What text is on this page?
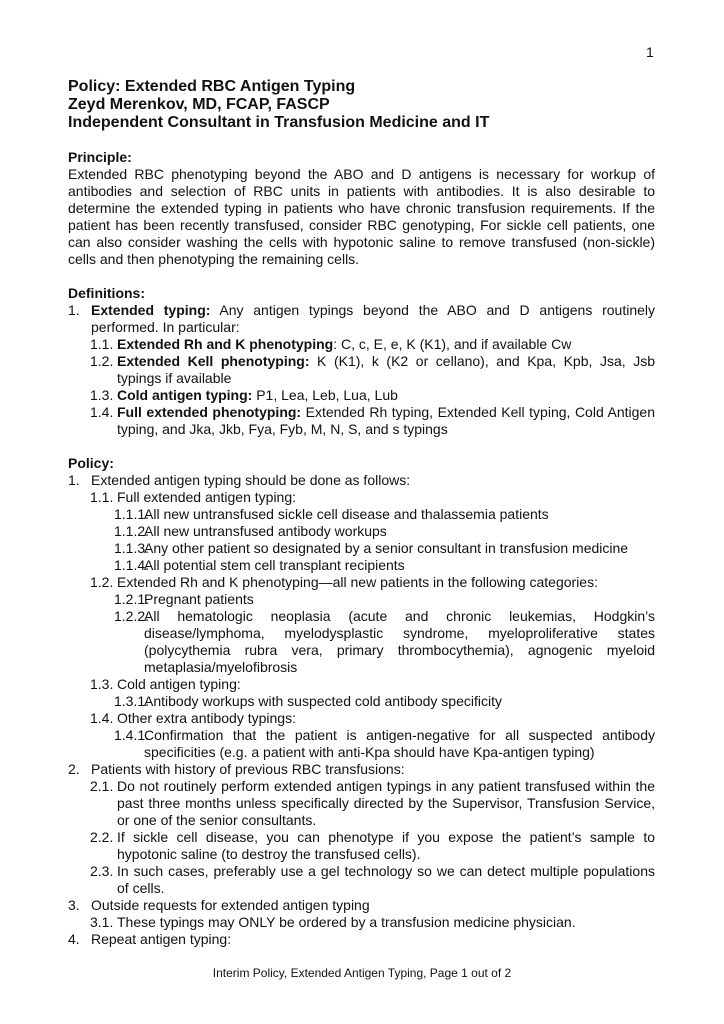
1
Policy: Extended RBC Antigen Typing
Zeyd Merenkov, MD, FCAP, FASCP
Independent Consultant in Transfusion Medicine and IT
Principle:
Extended RBC phenotyping beyond the ABO and D antigens is necessary for workup of antibodies and selection of RBC units in patients with antibodies. It is also desirable to determine the extended typing in patients who have chronic transfusion requirements. If the patient has been recently transfused, consider RBC genotyping, For sickle cell patients, one can also consider washing the cells with hypotonic saline to remove transfused (non-sickle) cells and then phenotyping the remaining cells.
Definitions:
1. Extended typing: Any antigen typings beyond the ABO and D antigens routinely performed. In particular:
1.1. Extended Rh and K phenotyping: C, c, E, e, K (K1), and if available Cw
1.2. Extended Kell phenotyping: K (K1), k (K2 or cellano), and Kpa, Kpb, Jsa, Jsb typings if available
1.3. Cold antigen typing: P1, Lea, Leb, Lua, Lub
1.4. Full extended phenotyping: Extended Rh typing, Extended Kell typing, Cold Antigen typing, and Jka, Jkb, Fya, Fyb, M, N, S, and s typings
Policy:
1. Extended antigen typing should be done as follows:
1.1. Full extended antigen typing:
1.1.1.
All new untransfused sickle cell disease and thalassemia patients
1.1.2.
All new untransfused antibody workups
1.1.3.
Any other patient so designated by a senior consultant in transfusion medicine
1.1.4.
All potential stem cell transplant recipients
1.2. Extended Rh and K phenotyping—all new patients in the following categories:
1.2.1.
Pregnant patients
1.2.2.
All hematologic neoplasia (acute and chronic leukemias, Hodgkin’s disease/lymphoma, myelodysplastic syndrome, myeloproliferative states (polycythemia rubra vera, primary thrombocythemia), agnogenic myeloid metaplasia/myelofibrosis
1.3. Cold antigen typing:
1.3.1.
Antibody workups with suspected cold antibody specificity
1.4. Other extra antibody typings:
1.4.1.
Confirmation that the patient is antigen-negative for all suspected antibody specificities (e.g. a patient with anti-Kpa should have Kpa-antigen typing)
2. Patients with history of previous RBC transfusions:
2.1. Do not routinely perform extended antigen typings in any patient transfused within the past three months unless specifically directed by the Supervisor, Transfusion Service, or one of the senior consultants.
2.2. If sickle cell disease, you can phenotype if you expose the patient’s sample to hypotonic saline (to destroy the transfused cells).
2.3. In such cases, preferably use a gel technology so we can detect multiple populations of cells.
3. Outside requests for extended antigen typing
3.1. These typings may ONLY be ordered by a transfusion medicine physician.
4. Repeat antigen typing:
Interim Policy, Extended Antigen Typing, Page 1 out of 2
